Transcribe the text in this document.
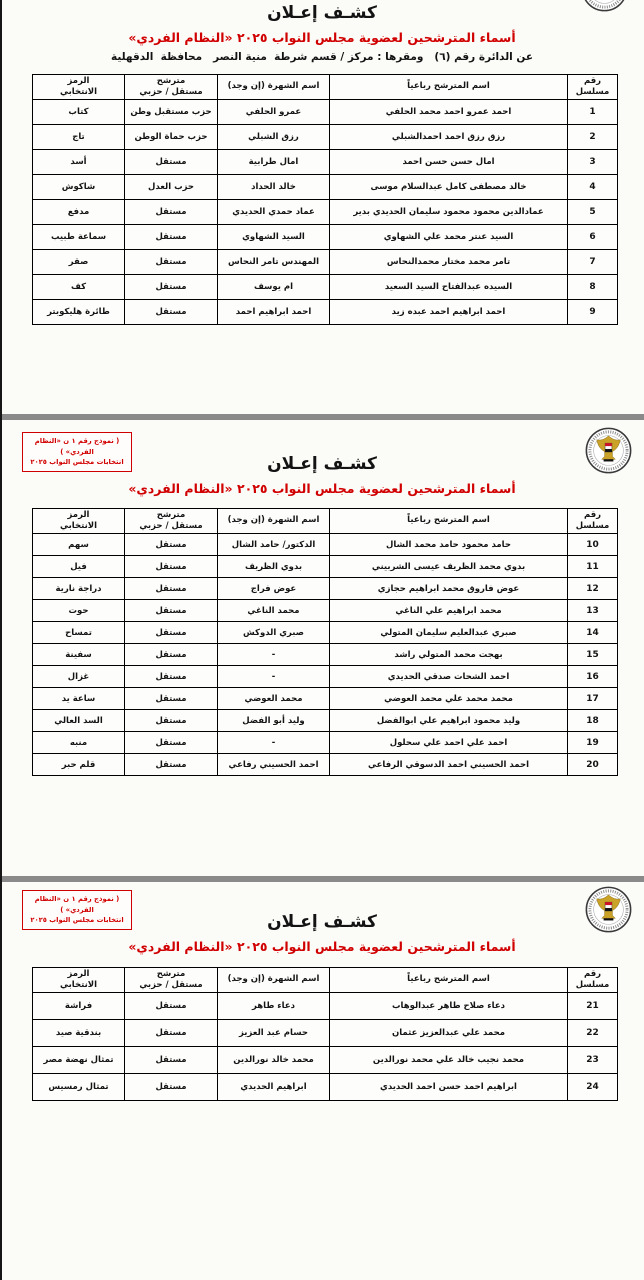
كشـف إعـلان
أسماء المترشحين لعضوية مجلس النواب ٢٠٢٥ «النظام الفردي»
عن الدائرة رقم (٦)   ومقرها : مركز / قسم شرطة  منية النصر   محافظة  الدقهلية
رقم
مسلسل	اسم المترشح رباعياً	اسم الشهرة (إن وجد)	مترشح
مستقل / حزبي	الرمز
الانتخابي

1	احمد عمرو احمد محمد الحلفي	عمرو الحلفي	حزب مستقبل وطن	كتاب
2	رزق رزق احمد احمدالشبلي	رزق الشبلي	حزب حماة الوطن	تاج
3	امال حسن حسن احمد	امال طرابية	مستقل	أسد
4	خالد مصطفى كامل عبدالسلام موسى	خالد الحداد	حزب العدل	شاكوش
5	عمادالدين محمود محمود سليمان الحديدي بدير	عماد حمدي الحديدي	مستقل	مدفع
6	السيد عنتر محمد علي الشهاوي	السيد الشهاوي	مستقل	سماعة طبيب
7	تامر محمد مختار محمدالنحاس	المهندس تامر النحاس	مستقل	صقر
8	السيده عبدالفتاح السيد السعيد	ام يوسف	مستقل	كف
9	احمد ابراهيم احمد عبده زيد	احمد ابراهيم احمد	مستقل	طائرة هليكوبتر
( نموذج رقم ١ ن «النظام الفردي» )
انتخابات مجلس النواب ٢٠٢٥	كشـف إعـلان
أسماء المترشحين لعضوية مجلس النواب ٢٠٢٥ «النظام الفردي»
رقم
مسلسل	اسم المترشح رباعياً	اسم الشهرة (إن وجد)	مترشح
مستقل / حزبي	الرمز
الانتخابي

10	حامد محمود حامد محمد الشال	الدكتور/ حامد الشال	مستقل	سهم
11	بدوي محمد الظريف عيسى الشربيني	بدوي الظريف	مستقل	فيل
12	عوض فاروق محمد ابراهيم حجازي	عوض فراج	مستقل	دراجة نارية
13	محمد ابراهيم علي الناغي	محمد الناغي	مستقل	حوت
14	صبري عبدالعليم سليمان المتولي	صبري الدوكش	مستقل	تمساح
15	بهجت محمد المتولي راشد	-	مستقل	سفينة
16	احمد الشحات صدقي الحديدي	-	مستقل	غزال
17	محمد محمد علي محمد العوضي	محمد العوضي	مستقل	ساعة يد
18	وليد محمود ابراهيم علي ابوالفضل	وليد أبو الفضل	مستقل	السد العالي
19	احمد علي احمد علي سحلول	-	مستقل	منبه
20	احمد الحسيني احمد الدسوقي الرفاعي	احمد الحسيني رفاعي	مستقل	قلم حبر
( نموذج رقم ١ ن «النظام الفردي» )
انتخابات مجلس النواب ٢٠٢٥	كشـف إعـلان
أسماء المترشحين لعضوية مجلس النواب ٢٠٢٥ «النظام الفردي»
رقم
مسلسل	اسم المترشح رباعياً	اسم الشهرة (إن وجد)	مترشح
مستقل / حزبي	الرمز
الانتخابي

21	دعاء صلاح طاهر عبدالوهاب	دعاء طاهر	مستقل	فراشة
22	محمد علي عبدالعزيز عثمان	حسام عبد العزيز	مستقل	بندقية صيد
23	محمد نجيب خالد علي محمد نورالدين	محمد خالد نورالدين	مستقل	تمثال نهضة مصر
24	ابراهيم احمد حسن احمد الحديدي	ابراهيم الحديدي	مستقل	تمثال رمسيس
